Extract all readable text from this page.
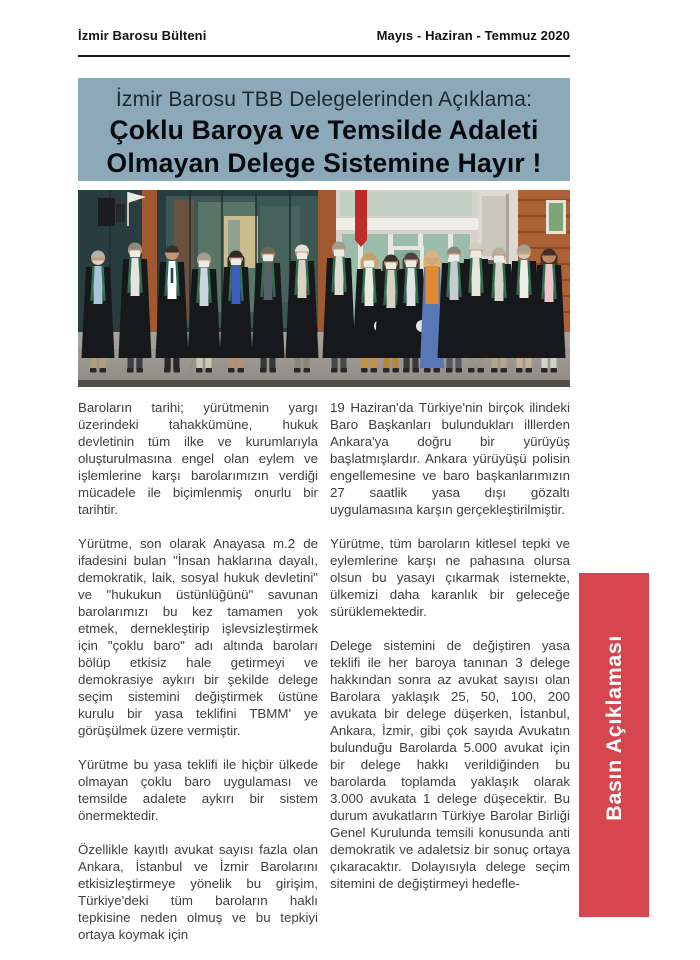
İzmir Barosu Bülteni	Mayıs - Haziran - Temmuz 2020
İzmir Barosu TBB Delegelerinden Açıklama:
Çoklu Baroya ve Temsilde Adaleti
Olmayan Delege Sistemine Hayır !

Baroların tarihi; yürütmenin yargı üzerindeki tahakkümüne, hukuk devletinin tüm ilke ve kurumlarıyla oluşturulmasına engel olan eylem ve işlemlerine karşı barolarımızın verdiği mücadele ile biçimlenmiş onurlu bir tarihtir.

Yürütme, son olarak Anayasa m.2 de ifadesini bulan "İnsan haklarına dayalı, demokratik, laik, sosyal hukuk devletini" ve "hukukun üstünlüğünü" savunan barolarımızı bu kez tamamen yok etmek, dernekleştirip işlevsizleştirmek için "çoklu baro" adı altında baroları bölüp etkisiz hale getirmeyi ve demokrasiye aykırı bir şekilde delege seçim sistemini değiştirmek üstüne kurulu bir yasa teklifini TBMM' ye görüşülmek üzere vermiştir.

Yürütme bu yasa teklifi ile hiçbir ülkede olmayan çoklu baro uygulaması ve temsilde adalete aykırı bir sistem önermektedir.

Özellikle kayıtlı avukat sayısı fazla olan Ankara, İstanbul ve İzmir Barolarını etkisizleştirmeye yönelik bu girişim, Türkiye'deki tüm baroların haklı tepkisine neden olmuş ve bu tepkiyi ortaya koymak için

19 Haziran'da Türkiye'nin birçok ilindeki Baro Başkanları bulundukları illlerden Ankara'ya doğru bir yürüyüş başlatmışlardır. Ankara yürüyüşü polisin engellemesine ve baro başkanlarımızın 27 saatlik yasa dışı gözaltı uygulamasına karşın gerçekleştirilmiştir.

Yürütme, tüm baroların kitlesel tepki ve eylemlerine karşı ne pahasına olursa olsun bu yasayı çıkarmak istemekte, ülkemizi daha karanlık bir geleceğe sürüklemektedir.

Delege sistemini de değiştiren yasa teklifi ile her baroya tanınan 3 delege hakkından sonra az avukat sayısı olan Barolara yaklaşık 25, 50, 100, 200 avukata bir delege düşerken, İstanbul, Ankara, İzmir, gibi çok sayıda Avukatın bulunduğu Barolarda 5.000 avukat için bir delege hakkı verildiğinden bu barolarda toplamda yaklaşık olarak 3.000 avukata 1 delege düşecektir. Bu durum avukatların Türkiye Barolar Birliği Genel Kurulunda temsili konusunda anti demokratik ve adaletsiz bir sonuç ortaya çıkaracaktır. Dolayısıyla delege seçim sitemini de değiştirmeyi hedefle-

Basın Açıklaması
